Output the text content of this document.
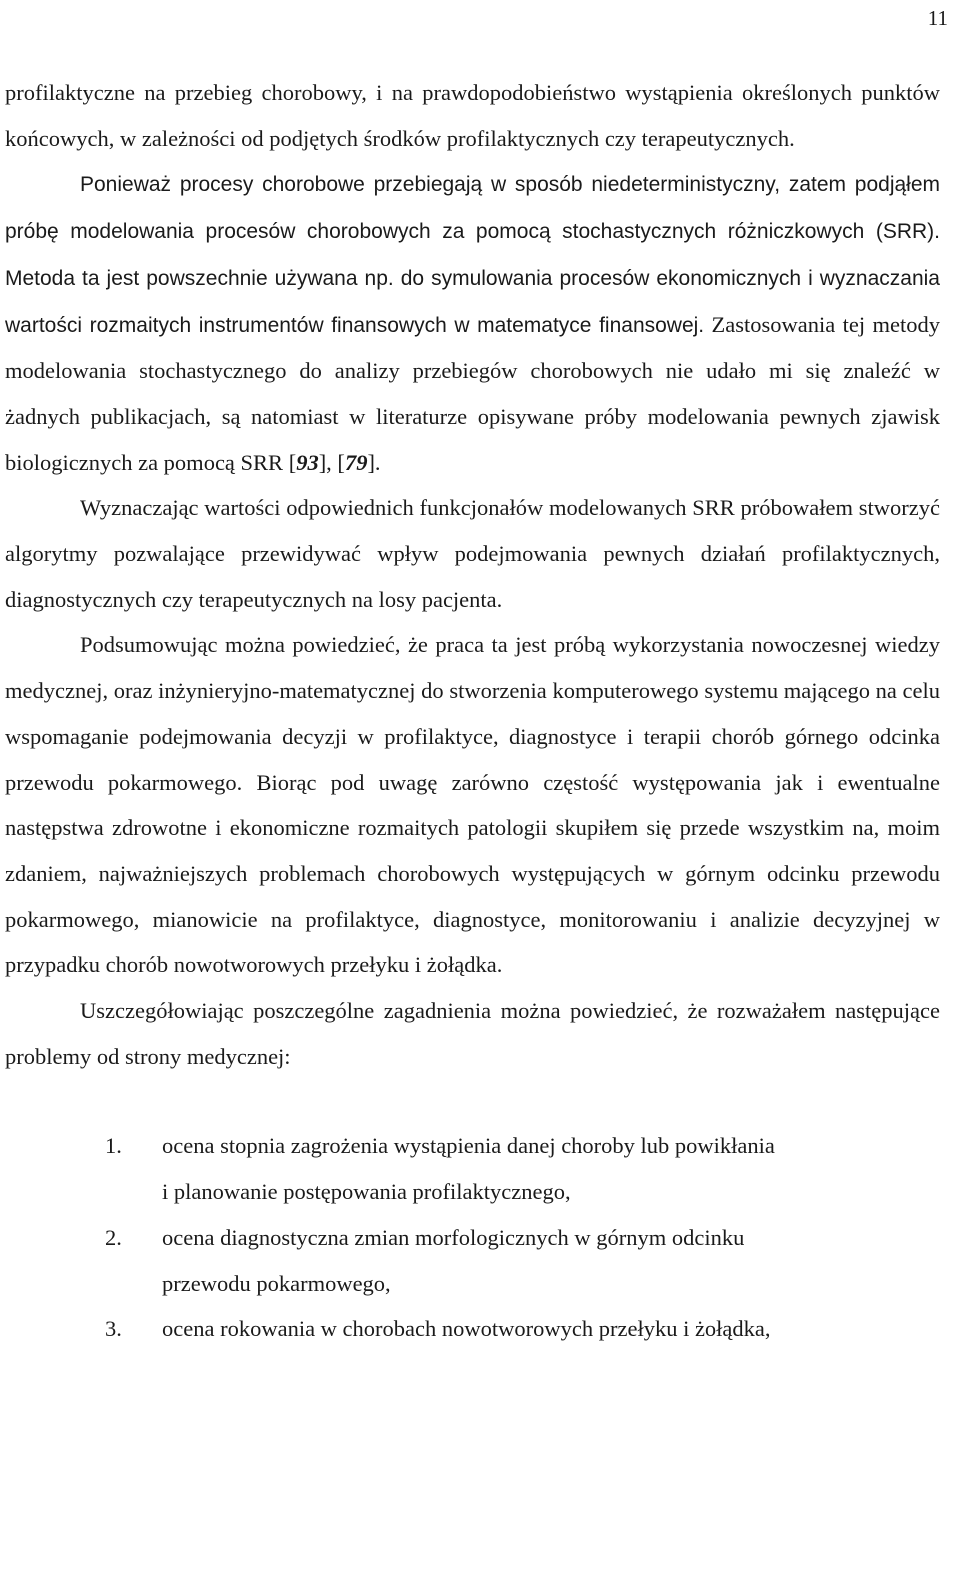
11

profilaktyczne na przebieg chorobowy, i na prawdopodobieństwo wystąpienia określonych punktów końcowych, w zależności od podjętych środków profilaktycznych czy terapeutycznych.

Ponieważ procesy chorobowe przebiegają w sposób niedeterministyczny, zatem podjąłem próbę modelowania procesów chorobowych za pomocą stochastycznych różniczkowych (SRR). Metoda ta jest powszechnie używana np. do symulowania procesów ekonomicznych i wyznaczania wartości rozmaitych instrumentów finansowych w matematyce finansowej. Zastosowania tej metody modelowania stochastycznego do analizy przebiegów chorobowych nie udało mi się znaleźć w żadnych publikacjach, są natomiast w literaturze opisywane próby modelowania pewnych zjawisk biologicznych za pomocą SRR [93], [79].

Wyznaczając wartości odpowiednich funkcjonałów modelowanych SRR próbowałem stworzyć algorytmy pozwalające przewidywać wpływ podejmowania pewnych działań profilaktycznych, diagnostycznych czy terapeutycznych na losy pacjenta.

Podsumowując można powiedzieć, że praca ta jest próbą wykorzystania nowoczesnej wiedzy medycznej, oraz inżynieryjno-matematycznej do stworzenia komputerowego systemu mającego na celu wspomaganie podejmowania decyzji w profilaktyce, diagnostyce i terapii chorób górnego odcinka przewodu pokarmowego. Biorąc pod uwagę zarówno częstość występowania jak i ewentualne następstwa zdrowotne i ekonomiczne rozmaitych patologii skupiłem się przede wszystkim na, moim zdaniem, najważniejszych problemach chorobowych występujących w górnym odcinku przewodu pokarmowego, mianowicie na profilaktyce, diagnostyce, monitorowaniu i analizie decyzyjnej w przypadku chorób nowotworowych przełyku i żołądka.

Uszczegółowiając poszczególne zagadnienia można powiedzieć, że rozważałem następujące problemy od strony medycznej:

1. ocena stopnia zagrożenia wystąpienia danej choroby lub powikłania
i planowanie postępowania profilaktycznego,
2. ocena diagnostyczna zmian morfologicznych w górnym odcinku
przewodu pokarmowego,
3. ocena rokowania w chorobach nowotworowych przełyku i żołądka,
